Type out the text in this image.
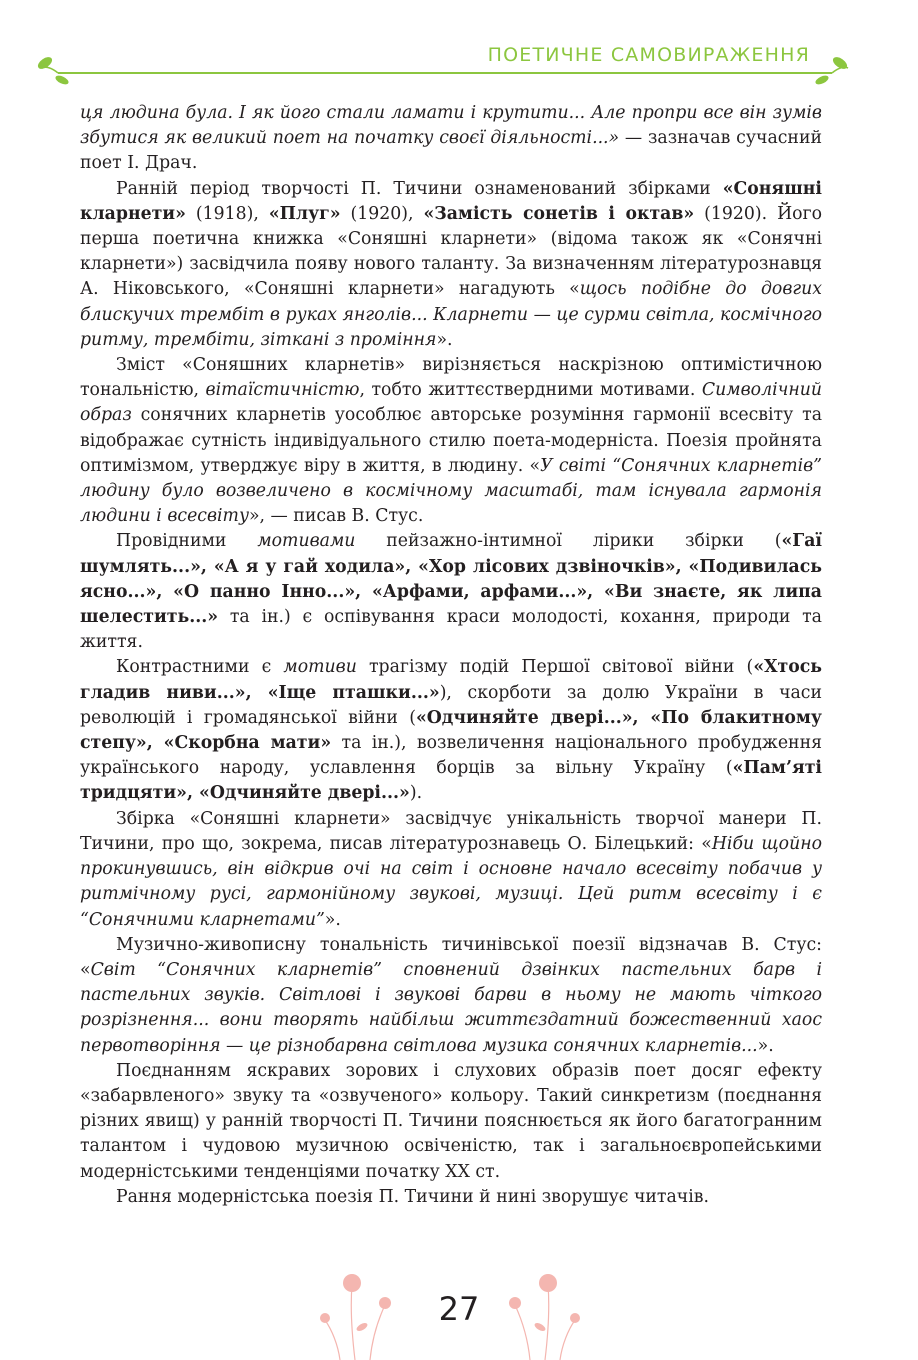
ПОЕТИЧНЕ САМОВИРАЖЕННЯ

ця людина була. І як його стали ламати і крутити... Але пропри все він зумів збутися як великий поет на початку своєї діяльності...» — зазначав сучасний поет І. Драч.

Ранній період творчості П. Тичини ознаменований збірками «Соняшні кларнети» (1918), «Плуг» (1920), «Замість сонетів і октав» (1920). Його перша поетична книжка «Соняшні кларнети» (відома також як «Сонячні кларнети») засвідчила появу нового таланту. За визначенням літературознавця А. Ніковського, «Соняшні кларнети» нагадують «щось подібне до довгих блискучих трембіт в руках янголів... Кларнети — це сурми світла, космічного ритму, трембіти, зіткані з проміння».

Зміст «Соняшних кларнетів» вирізняється наскрізною оптимістичною тональністю, вітаїстичністю, тобто життєствердними мотивами. Символічний образ сонячних кларнетів уособлює авторське розуміння гармонії всесвіту та відображає сутність індивідуального стилю поета-модерніста. Поезія пройнята оптимізмом, утверджує віру в життя, в людину. «У світі “Сонячних кларнетів” людину було возвеличено в космічному масштабі, там існувала гармонія людини і всесвіту», — писав В. Стус.

Провідними мотивами пейзажно-інтимної лірики збірки («Гаї шумлять...», «А я у гай ходила», «Хор лісових дзвіночків», «Подивилась ясно...», «О панно Інно...», «Арфами, арфами...», «Ви знаєте, як липа шелестить...» та ін.) є оспівування краси молодості, кохання, природи та життя.

Контрастними є мотиви трагізму подій Першої світової війни («Хтось гладив ниви...», «Іще пташки...»), скорботи за долю України в часи революцій і громадянської війни («Одчиняйте двері...», «По блакитному степу», «Скорбна мати» та ін.), возвеличення національного пробудження українського народу, уславлення борців за вільну Україну («Пам’яті тридцяти», «Одчиняйте двері...»).

Збірка «Соняшні кларнети» засвідчує унікальність творчої манери П. Тичини, про що, зокрема, писав літературознавець О. Білецький: «Ніби щойно прокинувшись, він відкрив очі на світ і основне начало всесвіту побачив у ритмічному русі, гармонійному звукові, музиці. Цей ритм всесвіту і є “Сонячними кларнетами”».

Музично-живописну тональність тичинівської поезії відзначав В. Стус: «Світ “Сонячних кларнетів” сповнений дзвінких пастельних барв і пастельних звуків. Світлові і звукові барви в ньому не мають чіткого розрізнення... вони творять найбільш життєздатний божественний хаос первотворіння — це різнобарвна світлова музика сонячних кларнетів...».

Поєднанням яскравих зорових і слухових образів поет досяг ефекту «забарвленого» звуку та «озвученого» кольору. Такий синкретизм (поєднання різних явищ) у ранній творчості П. Тичини пояснюється як його багатогранним талантом і чудовою музичною освіченістю, так і загальноєвропейськими модерністськими тенденціями початку ХХ ст.

Рання модерністська поезія П. Тичини й нині зворушує читачів.

27
